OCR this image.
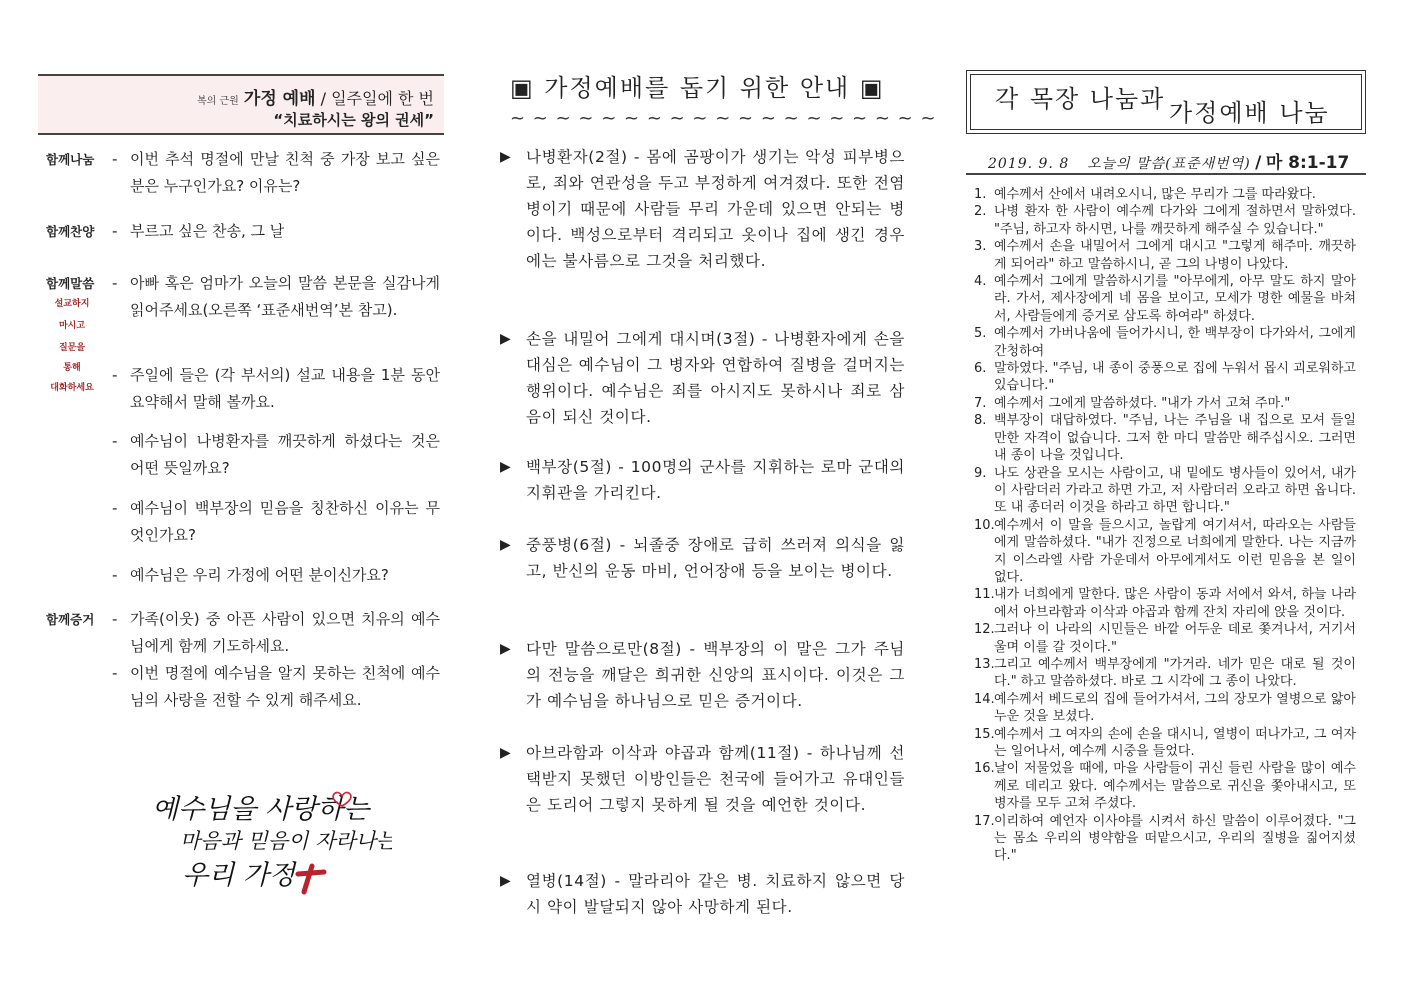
복의 근원 가정 예배 / 일주일에 한 번
“치료하시는 왕의 권세”
함께나눔 - 이번 추석 명절에 만날 친척 중 가장 보고 싶은 분은 누구인가요? 이유는?
함께찬양 - 부르고 싶은 찬송, 그 날
함께말씀
설교하지
마시고
질문을
통해
대화하세요
- 아빠 혹은 엄마가 오늘의 말씀 본문을 실감나게 읽어주세요(오른쪽 ‘표준새번역’본 참고).
- 주일에 들은 (각 부서의) 설교 내용을 1분 동안 요약해서 말해 볼까요.
- 예수님이 나병환자를 깨끗하게 하셨다는 것은 어떤 뜻일까요?
- 예수님이 백부장의 믿음을 칭찬하신 이유는 무엇인가요?
- 예수님은 우리 가정에 어떤 분이신가요?
함께증거 - 가족(이웃) 중 아픈 사람이 있으면 치유의 예수님에게 함께 기도하세요.
- 이번 명절에 예수님을 알지 못하는 친척에 예수님의 사랑을 전할 수 있게 해주세요.
예수님을 사랑하는
마음과 믿음이 자라나는
우리 가정
▣ 가정예배를 돕기 위한 안내 ▣
~ ~ ~ ~ ~ ~ ~ ~ ~ ~ ~ ~ ~ ~ ~ ~ ~ ~ ~
▶ 나병환자(2절) - 몸에 곰팡이가 생기는 악성 피부병으로, 죄와 연관성을 두고 부정하게 여겨졌다. 또한 전염병이기 때문에 사람들 무리 가운데 있으면 안되는 병이다. 백성으로부터 격리되고 옷이나 집에 생긴 경우에는 불사름으로 그것을 처리했다.
▶ 손을 내밀어 그에게 대시며(3절) - 나병환자에게 손을 대심은 예수님이 그 병자와 연합하여 질병을 걸머지는 행위이다. 예수님은 죄를 아시지도 못하시나 죄로 삼음이 되신 것이다.
▶ 백부장(5절) - 100명의 군사를 지휘하는 로마 군대의 지휘관을 가리킨다.
▶ 중풍병(6절) - 뇌졸중 장애로 급히 쓰러져 의식을 잃고, 반신의 운동 마비, 언어장애 등을 보이는 병이다.
▶ 다만 말씀으로만(8절) - 백부장의 이 말은 그가 주님의 전능을 깨달은 희귀한 신앙의 표시이다. 이것은 그가 예수님을 하나님으로 믿은 증거이다.
▶ 아브라함과 이삭과 야곱과 함께(11절) - 하나님께 선택받지 못했던 이방인들은 천국에 들어가고 유대인들은 도리어 그렇지 못하게 될 것을 예언한 것이다.
▶ 열병(14절) - 말라리아 같은 병. 치료하지 않으면 당시 약이 발달되지 않아 사망하게 된다.
각 목장 나눔과 가정예배 나눔
2019. 9. 8 오늘의 말씀(표준새번역) / 마 8:1-17
1. 예수께서 산에서 내려오시니, 많은 무리가 그를 따라왔다.
2. 나병 환자 한 사람이 예수께 다가와 그에게 절하면서 말하였다. "주님, 하고자 하시면, 나를 깨끗하게 해주실 수 있습니다."
3. 예수께서 손을 내밀어서 그에게 대시고 "그렇게 해주마. 깨끗하게 되어라" 하고 말씀하시니, 곧 그의 나병이 나았다.
4. 예수께서 그에게 말씀하시기를 "아무에게, 아무 말도 하지 말아라. 가서, 제사장에게 네 몸을 보이고, 모세가 명한 예물을 바쳐서, 사람들에게 증거로 삼도록 하여라" 하셨다.
5. 예수께서 가버나움에 들어가시니, 한 백부장이 다가와서, 그에게 간청하여
6. 말하였다. "주님, 내 종이 중풍으로 집에 누워서 몹시 괴로워하고 있습니다."
7. 예수께서 그에게 말씀하셨다. "내가 가서 고쳐 주마."
8. 백부장이 대답하였다. "주님, 나는 주님을 내 집으로 모셔 들일 만한 자격이 없습니다. 그저 한 마디 말씀만 해주십시오. 그러면 내 종이 나을 것입니다.
9. 나도 상관을 모시는 사람이고, 내 밑에도 병사들이 있어서, 내가 이 사람더러 가라고 하면 가고, 저 사람더러 오라고 하면 옵니다. 또 내 종더러 이것을 하라고 하면 합니다."
10. 예수께서 이 말을 들으시고, 놀랍게 여기셔서, 따라오는 사람들에게 말씀하셨다. "내가 진정으로 너희에게 말한다. 나는 지금까지 이스라엘 사람 가운데서 아무에게서도 이런 믿음을 본 일이 없다.
11. 내가 너희에게 말한다. 많은 사람이 동과 서에서 와서, 하늘 나라에서 아브라함과 이삭과 야곱과 함께 잔치 자리에 앉을 것이다.
12. 그러나 이 나라의 시민들은 바깥 어두운 데로 쫓겨나서, 거기서 울며 이를 갈 것이다."
13. 그리고 예수께서 백부장에게 "가거라. 네가 믿은 대로 될 것이다." 하고 말씀하셨다. 바로 그 시각에 그 종이 나았다.
14. 예수께서 베드로의 집에 들어가셔서, 그의 장모가 열병으로 앓아 누운 것을 보셨다.
15. 예수께서 그 여자의 손에 손을 대시니, 열병이 떠나가고, 그 여자는 일어나서, 예수께 시중을 들었다.
16. 날이 저물었을 때에, 마을 사람들이 귀신 들린 사람을 많이 예수께로 데리고 왔다. 예수께서는 말씀으로 귀신을 쫓아내시고, 또 병자를 모두 고쳐 주셨다.
17. 이리하여 예언자 이사야를 시켜서 하신 말씀이 이루어졌다. "그는 몸소 우리의 병약함을 떠맡으시고, 우리의 질병을 짊어지셨다."
